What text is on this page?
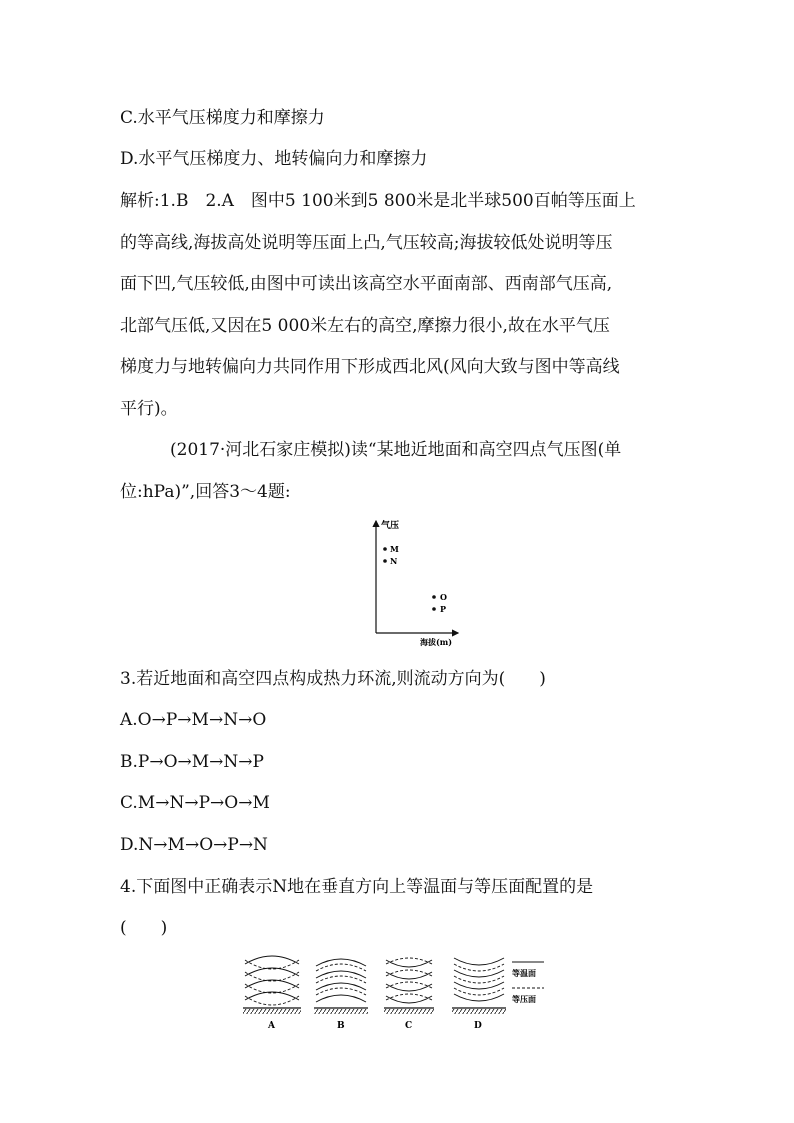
C.水平气压梯度力和摩擦力
D.水平气压梯度力、地转偏向力和摩擦力
解析:1.B　2.A　图中5 100米到5 800米是北半球500百帕等压面上
的等高线,海拔高处说明等压面上凸,气压较高;海拔较低处说明等压
面下凹,气压较低,由图中可读出该高空水平面南部、西南部气压高,
北部气压低,又因在5 000米左右的高空,摩擦力很小,故在水平气压
梯度力与地转偏向力共同作用下形成西北风(风向大致与图中等高线
平行)。
(2017·河北石家庄模拟)读“某地近地面和高空四点气压图(单
位:hPa)”,回答3～4题:
气压
海拔(m)
M
N
O
P
3.若近地面和高空四点构成热力环流,则流动方向为(　　)
A.O→P→M→N→O
B.P→O→M→N→P
C.M→N→P→O→M
D.N→M→O→P→N
4.下面图中正确表示N地在垂直方向上等温面与等压面配置的是
(　　)
A	B	C	D
等温面
等压面
